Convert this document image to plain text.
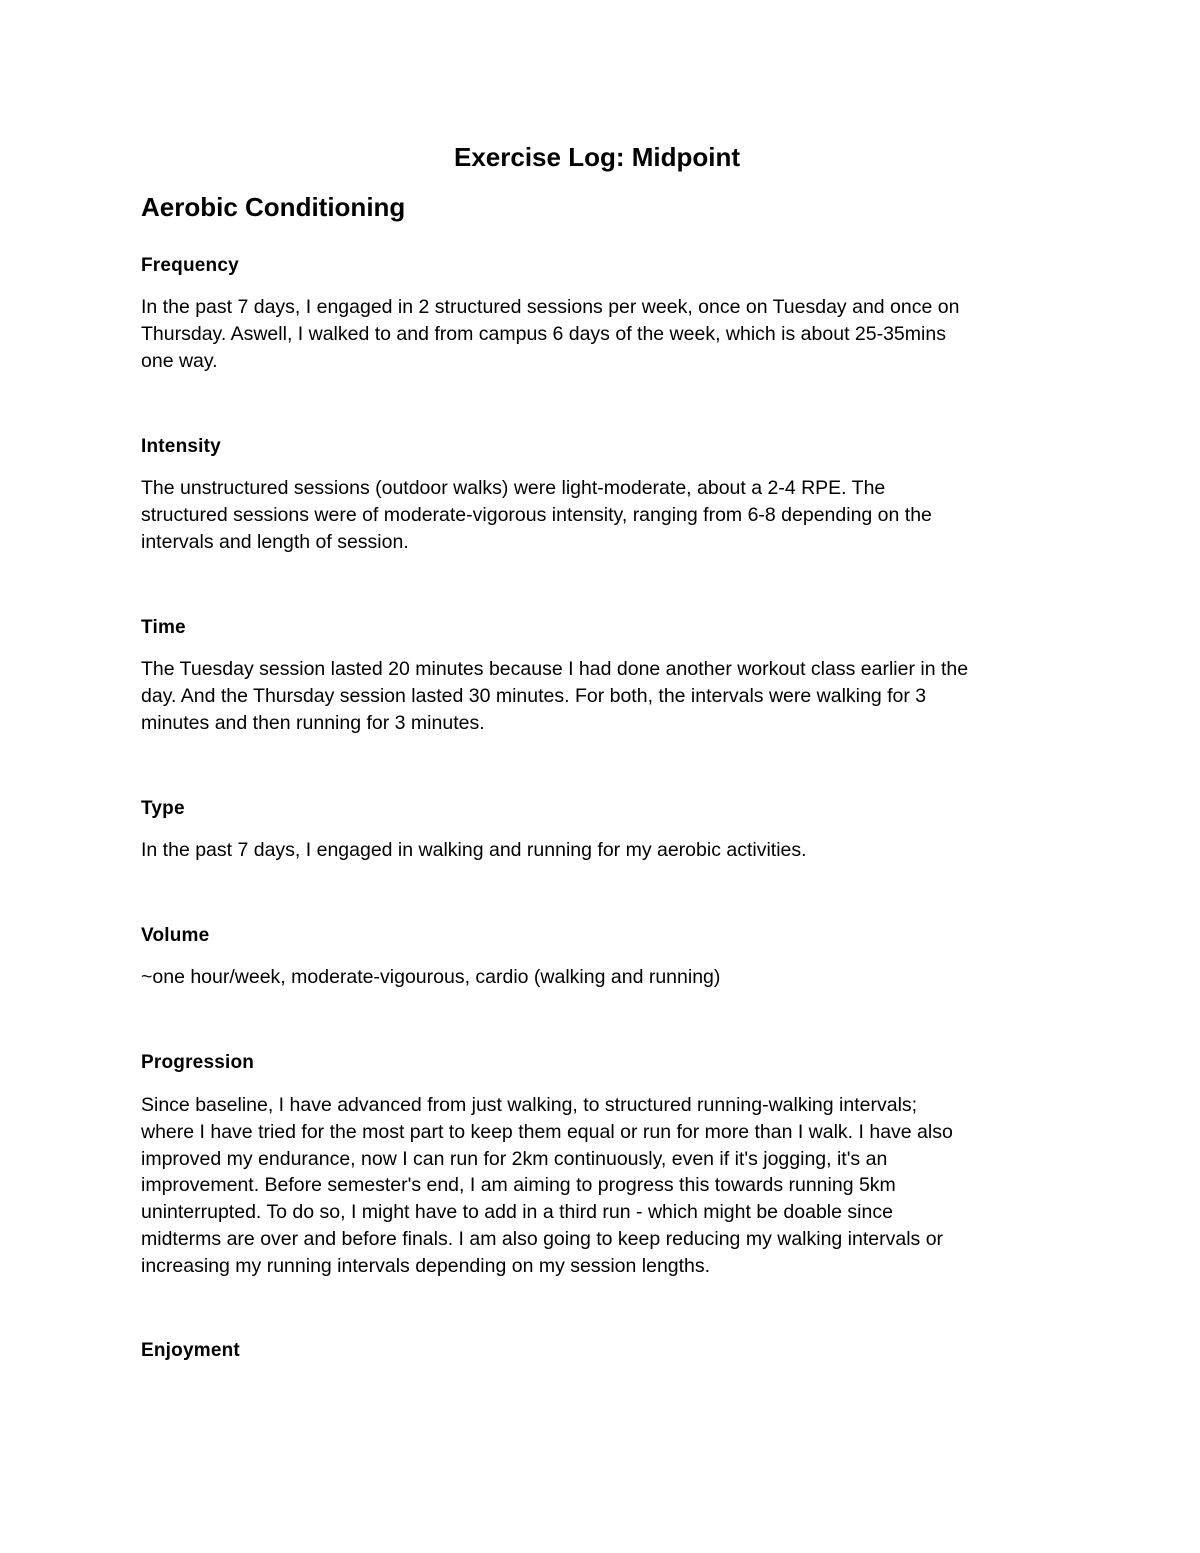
Exercise Log: Midpoint
Aerobic Conditioning
Frequency

In the past 7 days, I engaged in 2 structured sessions per week, once on Tuesday and once on
Thursday. Aswell, I walked to and from campus 6 days of the week, which is about 25-35mins
one way.

Intensity

The unstructured sessions (outdoor walks) were light-moderate, about a 2-4 RPE. The
structured sessions were of moderate-vigorous intensity, ranging from 6-8 depending on the
intervals and length of session.

Time

The Tuesday session lasted 20 minutes because I had done another workout class earlier in the
day. And the Thursday session lasted 30 minutes. For both, the intervals were walking for 3
minutes and then running for 3 minutes.

Type

In the past 7 days, I engaged in walking and running for my aerobic activities.

Volume

~one hour/week, moderate-vigourous, cardio (walking and running)

Progression

Since baseline, I have advanced from just walking, to structured running-walking intervals;
where I have tried for the most part to keep them equal or run for more than I walk. I have also
improved my endurance, now I can run for 2km continuously, even if it's jogging, it's an
improvement. Before semester's end, I am aiming to progress this towards running 5km
uninterrupted. To do so, I might have to add in a third run - which might be doable since
midterms are over and before finals. I am also going to keep reducing my walking intervals or
increasing my running intervals depending on my session lengths.

Enjoyment
